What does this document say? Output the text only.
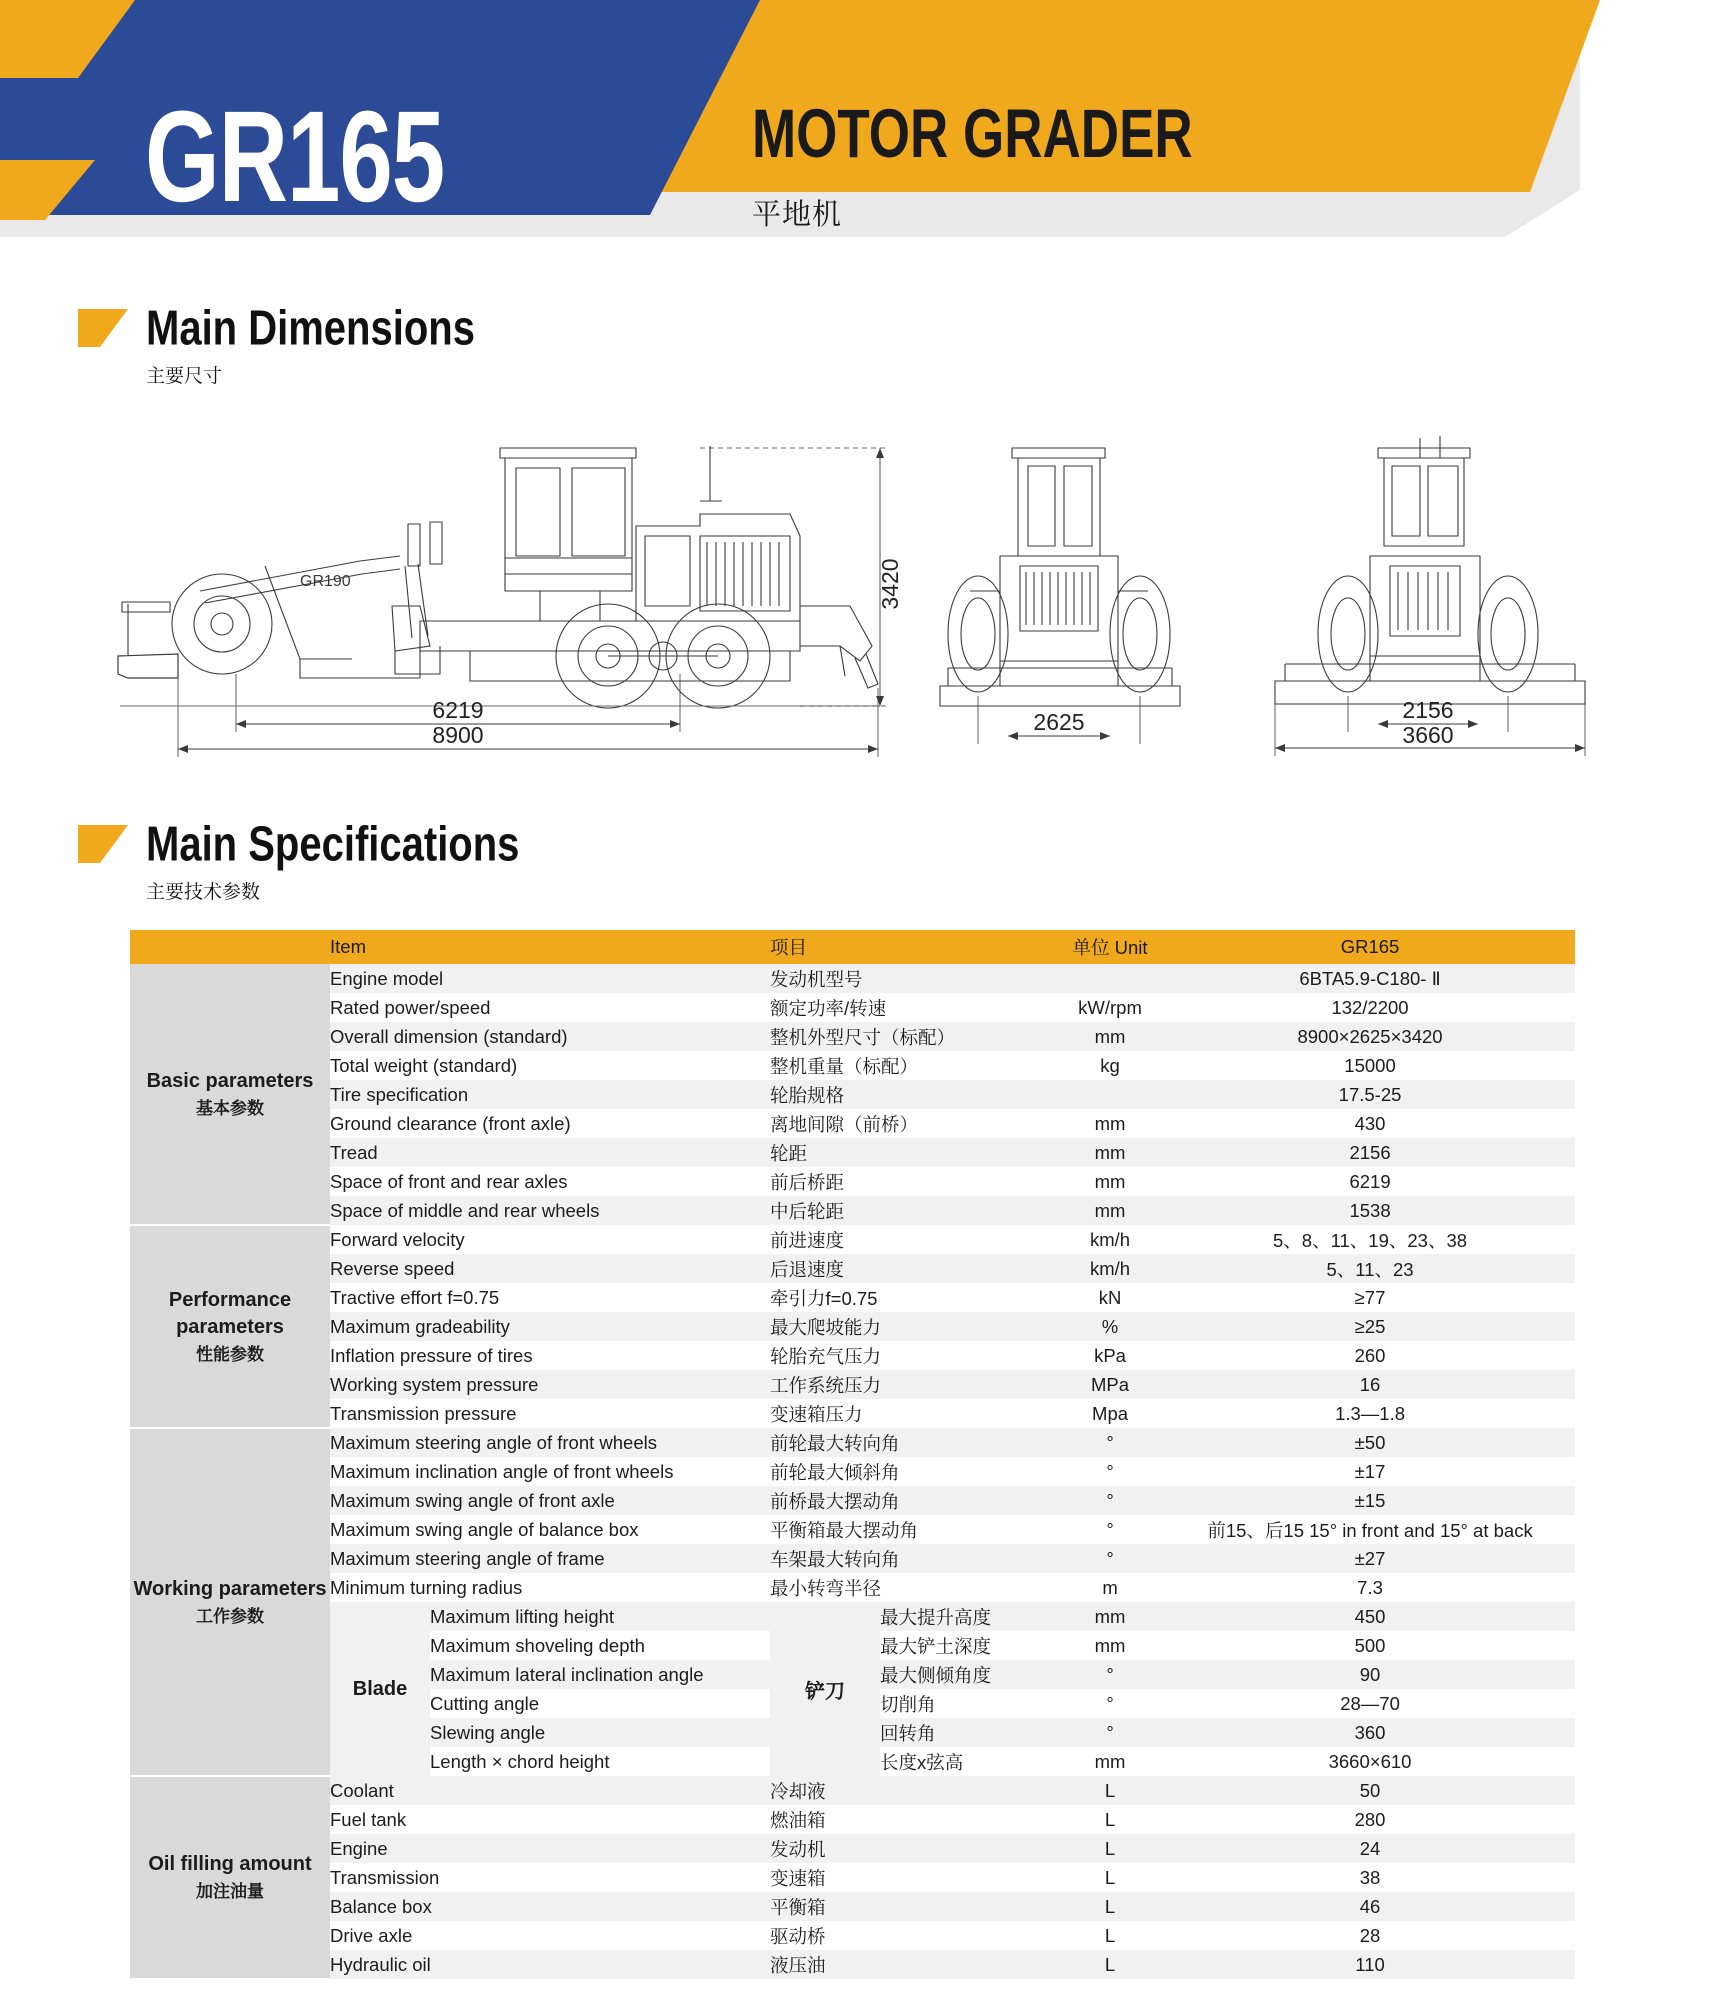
GR165	MOTOR GRADER
平地机
Main Dimensions
主要尺寸
GR190	3420
6219
8900	2625	2156
3660
Main Specifications
主要技术参数
	Item		项目		单位 Unit	GR165
Basic parameters
基本参数	Engine model		发动机型号			6BTA5.9-C180- Ⅱ
	Rated power/speed		额定功率/转速		kW/rpm	132/2200
	Overall dimension (standard)		整机外型尺寸（标配）		mm	8900×2625×3420
	Total weight (standard)		整机重量（标配）		kg	15000
	Tire specification		轮胎规格			17.5-25
	Ground clearance (front axle)		离地间隙（前桥）		mm	430
	Tread		轮距		mm	2156
	Space of front and rear axles		前后桥距		mm	6219
	Space of middle and rear wheels		中后轮距		mm	1538
Performance parameters
性能参数	Forward velocity		前进速度		km/h	5、8、11、19、23、38
	Reverse speed		后退速度		km/h	5、11、23
	Tractive effort f=0.75		牵引力f=0.75		kN	≥77
	Maximum gradeability		最大爬坡能力		%	≥25
	Inflation pressure of tires		轮胎充气压力		kPa	260
	Working system pressure		工作系统压力		MPa	16
	Transmission pressure		变速箱压力		Mpa	1.3—1.8
Working parameters
工作参数	Maximum steering angle of front wheels		前轮最大转向角		°	±50
	Maximum inclination angle of front wheels		前轮最大倾斜角		°	±17
	Maximum swing angle of front axle		前桥最大摆动角		°	±15
	Maximum swing angle of balance box		平衡箱最大摆动角		°	前15、后15 15° in front and 15° at back
	Maximum steering angle of frame		车架最大转向角		°	±27
	Minimum turning radius		最小转弯半径		m	7.3
	Blade	Maximum lifting height	铲刀	最大提升高度	mm	450
		Maximum shoveling depth		最大铲土深度	mm	500
		Maximum lateral inclination angle		最大侧倾角度	°	90
		Cutting angle		切削角	°	28—70
		Slewing angle		回转角	°	360
		Length × chord height		长度x弦高	mm	3660×610
Oil filling amount
加注油量	Coolant		冷却液		L	50
	Fuel tank		燃油箱		L	280
	Engine		发动机		L	24
	Transmission		变速箱		L	38
	Balance box		平衡箱		L	46
	Drive axle		驱动桥		L	28
	Hydraulic oil		液压油		L	110
